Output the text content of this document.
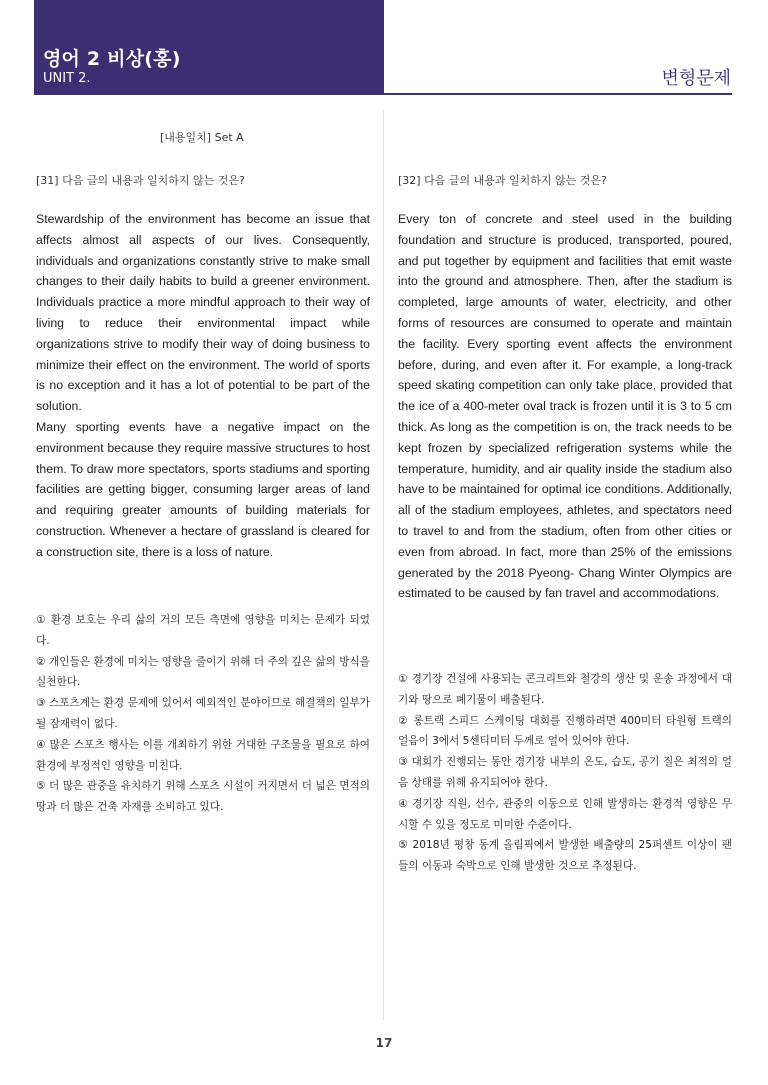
영어 2 비상(홍)
UNIT 2.	변형문제
[내용일치] Set A
[31] 다음 글의 내용과 일치하지 않는 것은?	[32] 다음 글의 내용과 일치하지 않는 것은?

Stewardship of the environment has become an issue that affects almost all aspects of our lives. Consequently, individuals and organizations constantly strive to make small changes to their daily habits to build a greener environment. Individuals practice a more mindful approach to their way of living to reduce their environmental impact while organizations strive to modify their way of doing business to minimize their effect on the environment. The world of sports is no exception and it has a lot of potential to be part of the solution.

Many sporting events have a negative impact on the environment because they require massive structures to host them. To draw more spectators, sports stadiums and sporting facilities are getting bigger, consuming larger areas of land and requiring greater amounts of building materials for construction. Whenever a hectare of grassland is cleared for a construction site, there is a loss of nature.

Every ton of concrete and steel used in the building foundation and structure is produced, transported, poured, and put together by equipment and facilities that emit waste into the ground and atmosphere. Then, after the stadium is completed, large amounts of water, electricity, and other forms of resources are consumed to operate and maintain the facility. Every sporting event affects the environment before, during, and even after it. For example, a long-track speed skating competition can only take place, provided that the ice of a 400-meter oval track is frozen until it is 3 to 5 cm thick. As long as the competition is on, the track needs to be kept frozen by specialized refrigeration systems while the temperature, humidity, and air quality inside the stadium also have to be maintained for optimal ice conditions. Additionally, all of the stadium employees, athletes, and spectators need to travel to and from the stadium, often from other cities or even from abroad. In fact, more than 25% of the emissions generated by the 2018 Pyeong- Chang Winter Olympics are estimated to be caused by fan travel and accommodations.

① 환경 보호는 우리 삶의 거의 모든 측면에 영향을 미치는 문제가 되었다.
② 개인들은 환경에 미치는 영향을 줄이기 위해 더 주의 깊은 삶의 방식을 실천한다.
③ 스포츠계는 환경 문제에 있어서 예외적인 분야이므로 해결책의 일부가 될 잠재력이 없다.
④ 많은 스포츠 행사는 이를 개최하기 위한 거대한 구조물을 필요로 하여 환경에 부정적인 영향을 미친다.
⑤ 더 많은 관중을 유치하기 위해 스포츠 시설이 커지면서 더 넓은 면적의 땅과 더 많은 건축 자재를 소비하고 있다.
① 경기장 건설에 사용되는 콘크리트와 철강의 생산 및 운송 과정에서 대기와 땅으로 폐기물이 배출된다.
② 롱트랙 스피드 스케이팅 대회를 진행하려면 400미터 타원형 트랙의 얼음이 3에서 5센티미터 두께로 얼어 있어야 한다.
③ 대회가 진행되는 동안 경기장 내부의 온도, 습도, 공기 질은 최적의 얼음 상태를 위해 유지되어야 한다.
④ 경기장 직원, 선수, 관중의 이동으로 인해 발생하는 환경적 영향은 무시할 수 있을 정도로 미미한 수준이다.
⑤ 2018년 평창 동계 올림픽에서 발생한 배출량의 25퍼센트 이상이 팬들의 이동과 숙박으로 인해 발생한 것으로 추정된다.
17
